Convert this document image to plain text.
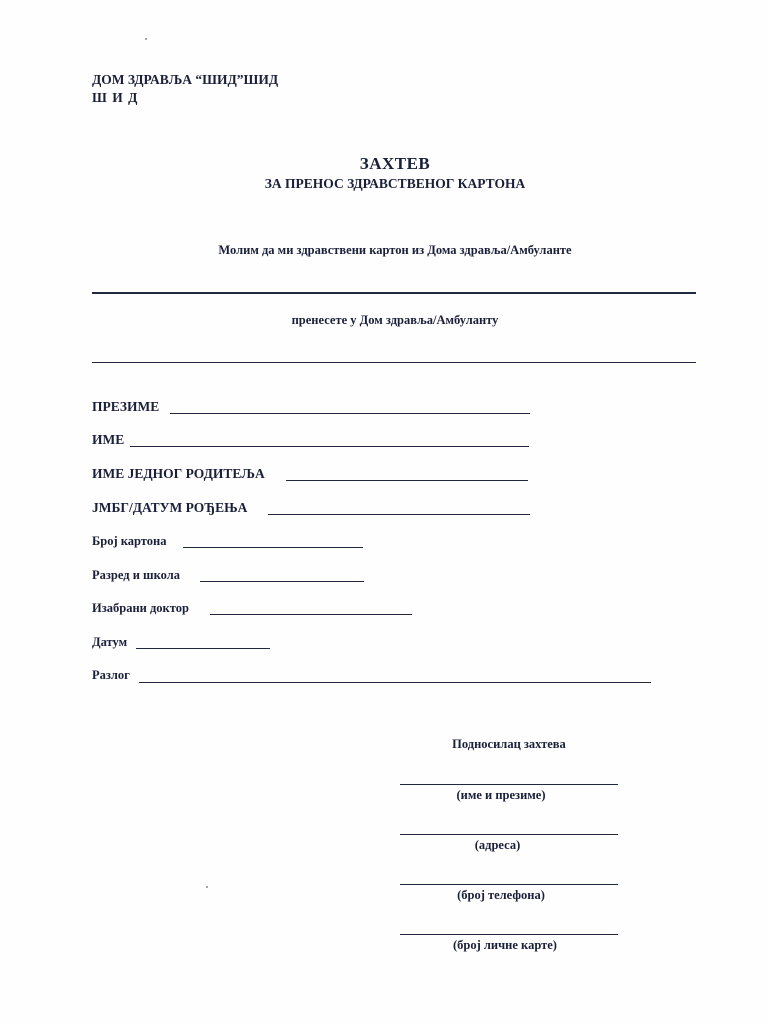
ДОМ ЗДРАВЉА “ШИД”ШИД
Ш И Д
ЗАХТЕВ
ЗА ПРЕНОС ЗДРАВСТВЕНОГ КАРТОНА
Молим да ми здравствени картон из Дома здравља/Амбуланте
пренесете у Дом здравља/Амбуланту
ПРЕЗИМЕ
ИМЕ
ИМЕ ЈЕДНОГ РОДИТЕЉА
ЈМБГ/ДАТУМ РОЂЕЊА
Број картона
Разред и школа
Изабрани доктор
Датум
Разлог
Подносилац захтева
(име и презиме)
(адреса)
(број телефона)
(број личне карте)
